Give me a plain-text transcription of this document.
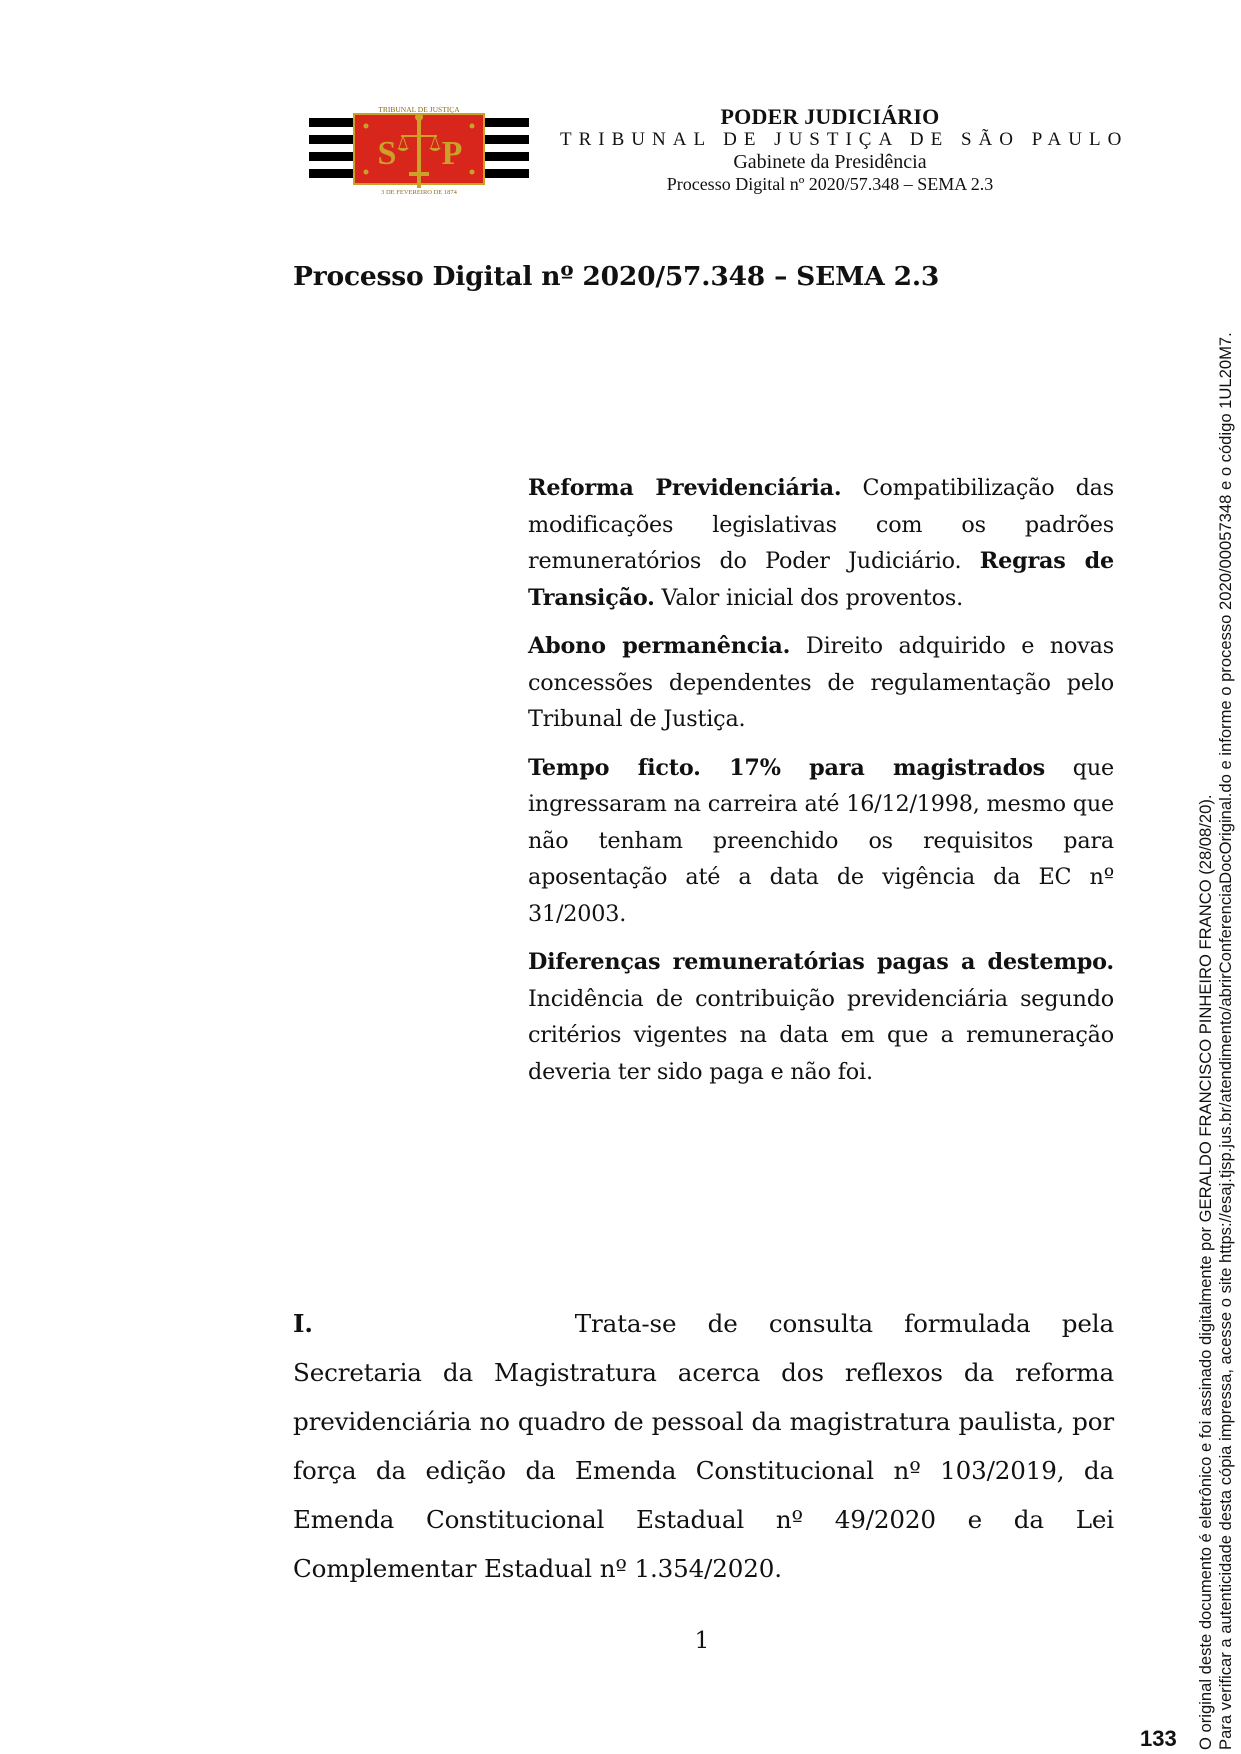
S P
TRIBUNAL DE JUSTIÇA
3 DE FEVEREIRO DE 1874
PODER JUDICIÁRIO
TRIBUNAL DE JUSTIÇA DE SÃO PAULO
Gabinete da Presidência
Processo Digital nº 2020/57.348 – SEMA 2.3
Processo Digital nº 2020/57.348 – SEMA 2.3

Reforma Previdenciária. Compatibilização das modificações legislativas com os padrões remuneratórios do Poder Judiciário. Regras de Transição. Valor inicial dos proventos.

Abono permanência. Direito adquirido e novas concessões dependentes de regulamentação pelo Tribunal de Justiça.

Tempo ficto. 17% para magistrados que ingressaram na carreira até 16/12/1998, mesmo que não tenham preenchido os requisitos para aposentação até a data de vigência da EC nº 31/2003.

Diferenças remuneratórias pagas a destempo. Incidência de contribuição previdenciária segundo critérios vigentes na data em que a remuneração deveria ter sido paga e não foi.

I.	Trata-se de consulta formulada pela Secretaria da Magistratura acerca dos reflexos da reforma previdenciária no quadro de pessoal da magistratura paulista, por força da edição da Emenda Constitucional nº 103/2019, da Emenda Constitucional Estadual nº 49/2020 e da Lei Complementar Estadual nº 1.354/2020.
1	O original deste documento é eletrônico e foi assinado digitalmente por GERALDO FRANCISCO PINHEIRO FRANCO (28/08/20). Para verificar a autenticidade desta cópia impressa, acesse o site https://esaj.tjsp.jus.br/atendimento/abrirConferenciaDocOriginal.do e informe o processo 2020/00057348 e o código 1UL20M7.
133
